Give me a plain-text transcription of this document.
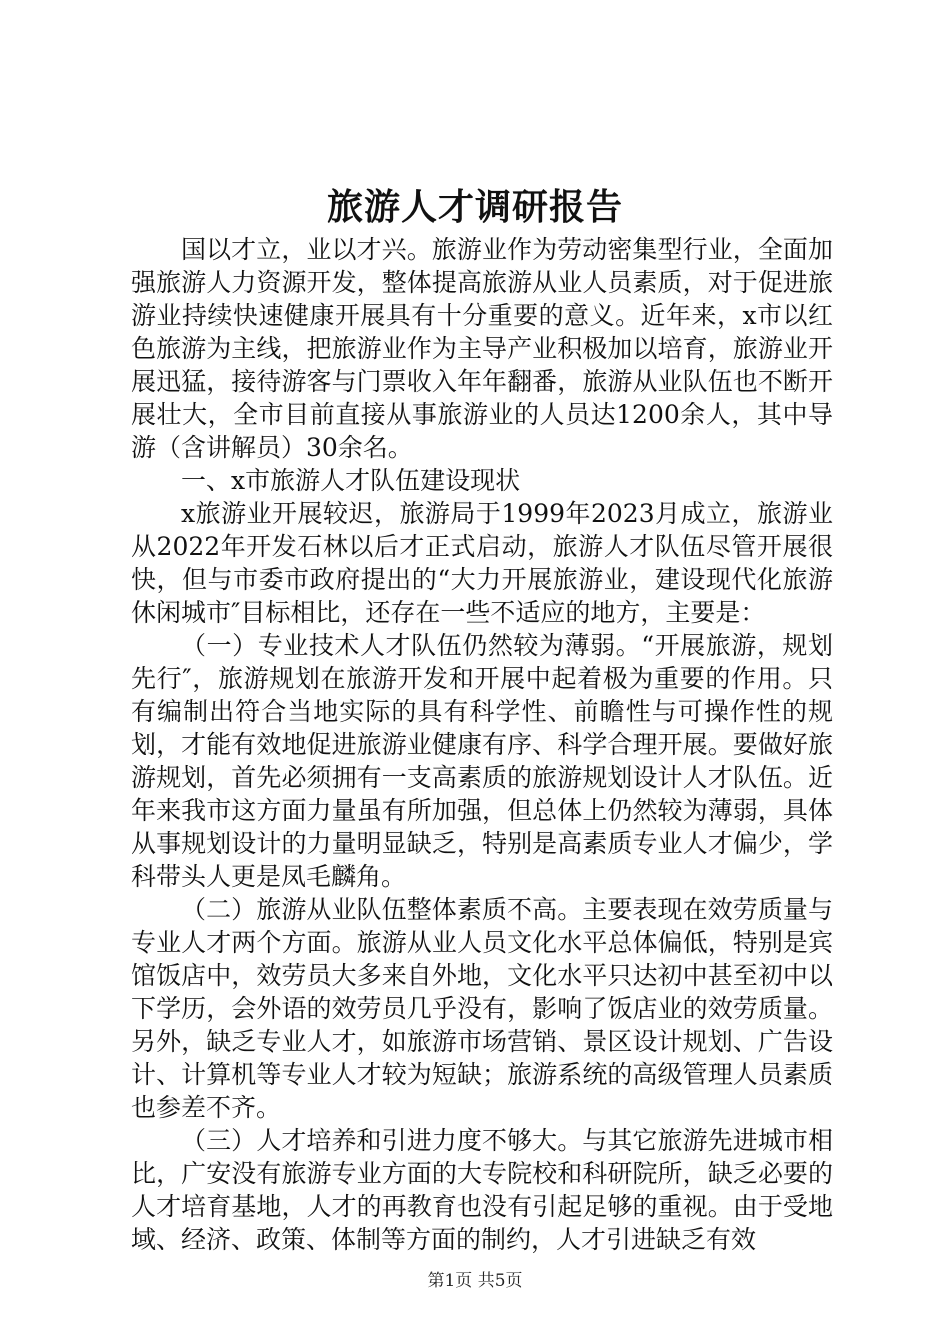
旅游人才调研报告

国以才立，业以才兴。旅游业作为劳动密集型行业，全面加强旅游人力资源开发，整体提高旅游从业人员素质，对于促进旅游业持续快速健康开展具有十分重要的意义。近年来，x市以红色旅游为主线，把旅游业作为主导产业积极加以培育，旅游业开展迅猛，接待游客与门票收入年年翻番，旅游从业队伍也不断开展壮大，全市目前直接从事旅游业的人员达1200余人，其中导游（含讲解员）30余名。

一、x市旅游人才队伍建设现状

x旅游业开展较迟，旅游局于1999年2023月成立，旅游业从2022年开发石林以后才正式启动，旅游人才队伍尽管开展很快，但与市委市政府提出的“大力开展旅游业，建设现代化旅游休闲城市″目标相比，还存在一些不适应的地方，主要是：

（一）专业技术人才队伍仍然较为薄弱。“开展旅游，规划先行″，旅游规划在旅游开发和开展中起着极为重要的作用。只有编制出符合当地实际的具有科学性、前瞻性与可操作性的规划，才能有效地促进旅游业健康有序、科学合理开展。要做好旅游规划，首先必须拥有一支高素质的旅游规划设计人才队伍。近年来我市这方面力量虽有所加强，但总体上仍然较为薄弱，具体从事规划设计的力量明显缺乏，特别是高素质专业人才偏少，学科带头人更是凤毛麟角。

（二）旅游从业队伍整体素质不高。主要表现在效劳质量与专业人才两个方面。旅游从业人员文化水平总体偏低，特别是宾馆饭店中，效劳员大多来自外地，文化水平只达初中甚至初中以下学历，会外语的效劳员几乎没有，影响了饭店业的效劳质量。另外，缺乏专业人才，如旅游市场营销、景区设计规划、广告设计、计算机等专业人才较为短缺；旅游系统的高级管理人员素质也参差不齐。

（三）人才培养和引进力度不够大。与其它旅游先进城市相比，广安没有旅游专业方面的大专院校和科研院所，缺乏必要的人才培育基地，人才的再教育也没有引起足够的重视。由于受地域、经济、政策、体制等方面的制约，人才引进缺乏有效

第1页 共5页
